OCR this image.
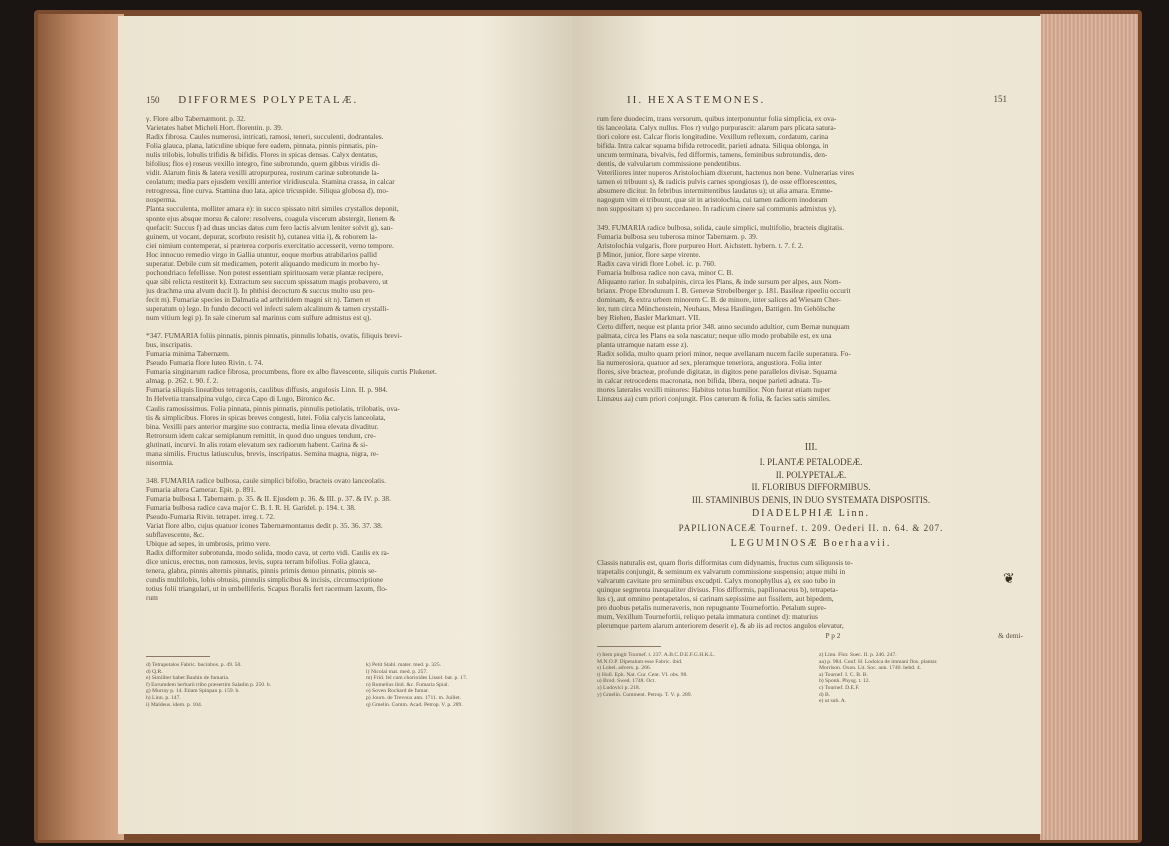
150 DIFFORMES POLYPETALÆ.
γ. Flore albo Tabernæmont. p. 32.
Varietates habet Micheli Hort. florentin. p. 39.
Radix fibrosa. Caules numerosi, intricati, ramosi, teneri, succulenti, dodrantales.
Folia glauca, plana, laticuline ubique fere eadem, pinnata, pinnis pinnatis, pin-
nulis trilobis, lobulis trifidis & bifidis. Flores in spicas densas. Calyx dentatus,
bifolius; flos e) roseus vexillo integro, fine subrotundo, quem gibbus viridis di-
vidit. Alarum finis & latera vexilli atropurpurea, rostrum carinæ subrotunde la-
ceolatum; media pars ejusdem vexilli anterior viridiuscula. Stamina crassa, in calcar
retrogressa, fine curva. Stamina duo lata, apice tricuspide. Siliqua globosa d), mo-
nosperma.
Planta succulenta, molliter amara e): in succo spissato nitri similes crystallos deponit,
sponte ejus absque morsu & calore: resolvens, coagula viscerum abstergit, lienem &
quefacit: Succus f) ad duas uncias datus cum fero lactis alvum leniter solvit g), san-
guinem, ut vocant, depurat, scorbuto resistit h), cutanea vitia i), & roborem la-
ciei nimium contemperat, si præterea corporis exercitatio accesserit, verno tempore.
Hoc innocuo remedio virgo in Gallia utuntur, eoque morbus atrabilarios pallid
superatur. Debile cum sit medicamen, poterit aliquando medicum in morbo hy-
pochondriaco fefellisse. Non potest essentiam spirituosam veræ plantæ recipere,
quæ sibi relicta restiterit k). Extractum seu succum spissatum magis probavero, ut
jus drachma una alvum ducit l). In phthisi decoctum & succus multo usu pro-
fecit m). Fumariæ species in Dalmatia ad arthritidem magni sit n). Tamen et
superatum o) lego. In fundo decocti vel infecti salem alcalinum & tamen crystalli-
num vitium legi p). In sale cinerum sal marinus cum sulfure admistus est q).
*347. FUMARIA foliis pinnatis, pinnis pinnatis, pinnulis lobatis, ovatis, filiquis brevi-
bus, inscripatis.
Fumaria minima Tabernæm.
Pseudo Fumaria flore luteo Rivin. t. 74.
Fumaria singinarum radice fibrosa, procumbens, flore ex albo flavescente, siliquis curtis Plukenet.
almag. p. 262. t. 90. f. 2.
Fumaria siliquis lineatibus tetragonis, caulibus diffusis, angulosis Linn. II. p. 984.
In Helvetia transalpina vulgo, circa Capo di Lugo, Bironico &c.
Caulis ramosissimus. Folia pinnata, pinnis pinnatis, pinnulis petiolatis, trilobatis, ova-
tis & simplicibus. Flores in spicas breves congesti, lutei. Folia calycis lanceolata,
bina. Vexilli pars anterior margine suo contracta, media linea elevata divaditur.
Retrorsum idem calcar semiplanum remittit, in quod duo ungues tendunt, cre-
glutinati, incurvi. In alis rotam elevatum sex radiorum habent. Carina & si-
mana similis. Fructus latiusculus, brevis, inscripatus. Semina magna, nigra, re-
nisormia.
348. FUMARIA radice bulbosa, caule simplici bifolio, bracteis ovato lanceolatis.
Fumaria altera Camerar. Epit. p. 891.
Fumaria bulbosa I. Tabernæm. p. 35. & II. Ejusdem p. 36. & III. p. 37. & IV. p. 38.
Fumaria bulbosa radice cava major C. B. I. R. H. Garidel. p. 194. t. 38.
Pseudo-Fumaria Rivin. tetrapet. irreg. t. 72.
Variat flore albo, cujus quatuor icones Tabernæmontanus dedit p. 35. 36. 37. 38.
subflavescente, &c.
Ubique ad sepes, in umbrosis, primo vere.
Radix difformiter subrotunda, modo solida, modo cava, ut certo vidi. Caulis ex ra-
dice unicus, erectus, non ramosus, levis, supra terram bifolius. Folia glauca,
tenera, glabra, pinnis alternis pinnatis, pinnis primis denuo pinnatis, pinnis se-
cundis multilobis, lobis obtusis, pinnulis simplicibus & incisis, circumscriptione
totius folii triangulari, ut in umbelliferis. Scapus floralis fert racemum laxum, flo-
rum
d) Tetrapetalos Fabric. bucinbos. p. 49. 50.
d) Q.R.
e) Similiter habet Bauhin de fumaria.
f) Eorumdem herbarii tribo præsertim Saladin p. 250. b.
g) Murray p. 14. Etiam Spinpan p. 159. b.
h) Linn. p. 147.
i) Maldeus. idem. p. 104.
k) Petit Stahl. mater. med. p. 325.
l) Nicolai mat. med. p. 257.
m) Frid. fel cum chorioides Lissel. bat. p. 17.
n) Rumelius ibid. &c. Fumaria Spial.
o) Soven Rochard de fumar.
p) Journ. de Trevoux ann. 1711. m. Juillet.
q) Gmelin. Comm. Acad. Petrop. V. p. 289.
II. HEXASTEMONES.	151
rum fere duodecim, trans versorum, quibus interponuntur folia simplicia, ex ova-
tis lanceolata. Calyx nullus. Flos r) vulgo purpurascit: alarum pars plicata satura-
tiori colore est. Calcar floris longitudine. Vexillum reflexum, cordatum, carina
bifida. Intra calcar squama bifida retrocedit, parieti adnata. Siliqua oblonga, in
uncum terminata, bivalvis, fed difformis, tamens, feminibus subrotundis, den-
dentis, de valvularum commissione pendentibus.
Veteriliores inter nuperos Aristolochiam dixerunt, hactenus non bene. Vulnerarias vires
tamen ei tribuunt s), & radicis pulvis carnes spongiosas t), de osse efflorescentes,
absumere dicitur. In febribus intermittentibus laudatus u); ut alia amara. Emme-
nagogum vim ei tribuunt, quæ sit in aristolochia, cui tamen radicem inodoram
non suppositam x) pro succedaneo. In radicum cinere sal communis admixtus y).
349. FUMARIA radice bulbosa, solida, caule simplici, multifolio, bracteis digitatis.
Fumaria bulbosa seu tuberosa minor Tabernæm. p. 39.
Aristolochia vulgaris, flore purpureo Hort. Aichstett. hybern. t. 7. f. 2.
β Minor, junior, flore sæpe virente.
Radix cava viridi flore Lobel. ic. p. 760.
Fumaria bulbosa radice non cava, minor C. B.
Aliquanto rarior. In subalpinis, circa les Plans, & inde sursum per alpes, aux Nom-
brianx. Prope Ebrodunum I. B. Genevæ Strobelberger p. 181. Basileæ ripeeliu occurit
dominam, & extra urbem minorem C. B. de minore, inter salices ad Wiesam Cher-
ler, tum circa Münchenstein, Neuhaus, Mesa Haulingen, Battigen. Im Gehölsche
bey Riehen, Basler Markmart. VII.
Certo differt, neque est planta prior 348. anno secundo adultior, cum Bernæ nunquam
palmata, circa les Plans ea sola nascatur; neque ullo modo probabile est, ex una
planta utramque natam esse z).
Radix solida, multo quam priori minor, neque avellanam nucem facile superatura. Fo-
lia numerosiora, quatuor ad sex, pleramque teneriora, angustiora. Folia inter
flores, sive bracteæ, profunde digitatæ, in digitos pene parallelos divisæ. Squama
in calcar retrocedens macronata, non bifida, libera, neque parieti adnata. Tu-
mores laterales vexilli minores: Habitus totus humilior. Non fuerat etiam nuper
Linnæus aa) cum priori conjungit. Flos cæterum & folia, & facies satis similes.
III.
I. PLANTÆ PETALODEÆ.
II. POLYPETALÆ.
II. FLORIBUS DIFFORMIBUS.
III. STAMINIBUS DENIS, IN DUO SYSTEMATA DISPOSITIS.
DIADELPHIÆ Linn.
PAPILIONACEÆ Tournef. t. 209. Oederi II. n. 64. & 207.
LEGUMINOSÆ Boerhaavii.
Classis naturalis est, quam floris difformitas cum didynamis, fructus cum siliquosis te-
trapetalis conjungit, & seminum ex valvarum commissione suspensio; atque mihi in
valvarum cavitate pro seminibus excudpti. Calyx monophyllus a), ex suo tubo in
quinque segmenta inæqualiter divisus. Flos difformis, papilionaceus b), tetrapeta-
lus c), aut omnino pentapetalos, si carinam sæpissime aut fissilem, aut bipedem,
pro duobus petalis numeraveris, non repugnante Tournefortio. Petalum supre-
mum, Vexillum Tournefortii, reliquo petala immatura continet d): maturius
plerumque partem alarum anteriorem deserit e), & ab iis ad rectos angulos elevatur,
❦
P p 2	& demi-
r) Item pingit Tournef. t. 237. A.B.C.D.E.F.G.H.K.L.
M.N.O.P. Dipetalum esse Fabric. ibid.
s) Lobel. advers. p. 266.
t) Holl. Eph. Nat. Cur. Cent. VI. obs. 98.
u) Brod. Swed. 1748. Oct.
x) Ludovici p. 218.
y) Gmelin. Comment. Petrop. T. V. p. 289.
z) Linn. Flor. Suec. II. p. 246. 247.
aa) p. 984. Conf. H. Lodoica de immani flos. plantar.
Morrison. Oxon. Lit. Soc. ann. 1740. hebd. 4.
a) Tournef. I. C. B. B.
b) Sponh. Physg. t. 12.
c) Tournef. D.E.F.
d) B.
e) ut sub. A.
